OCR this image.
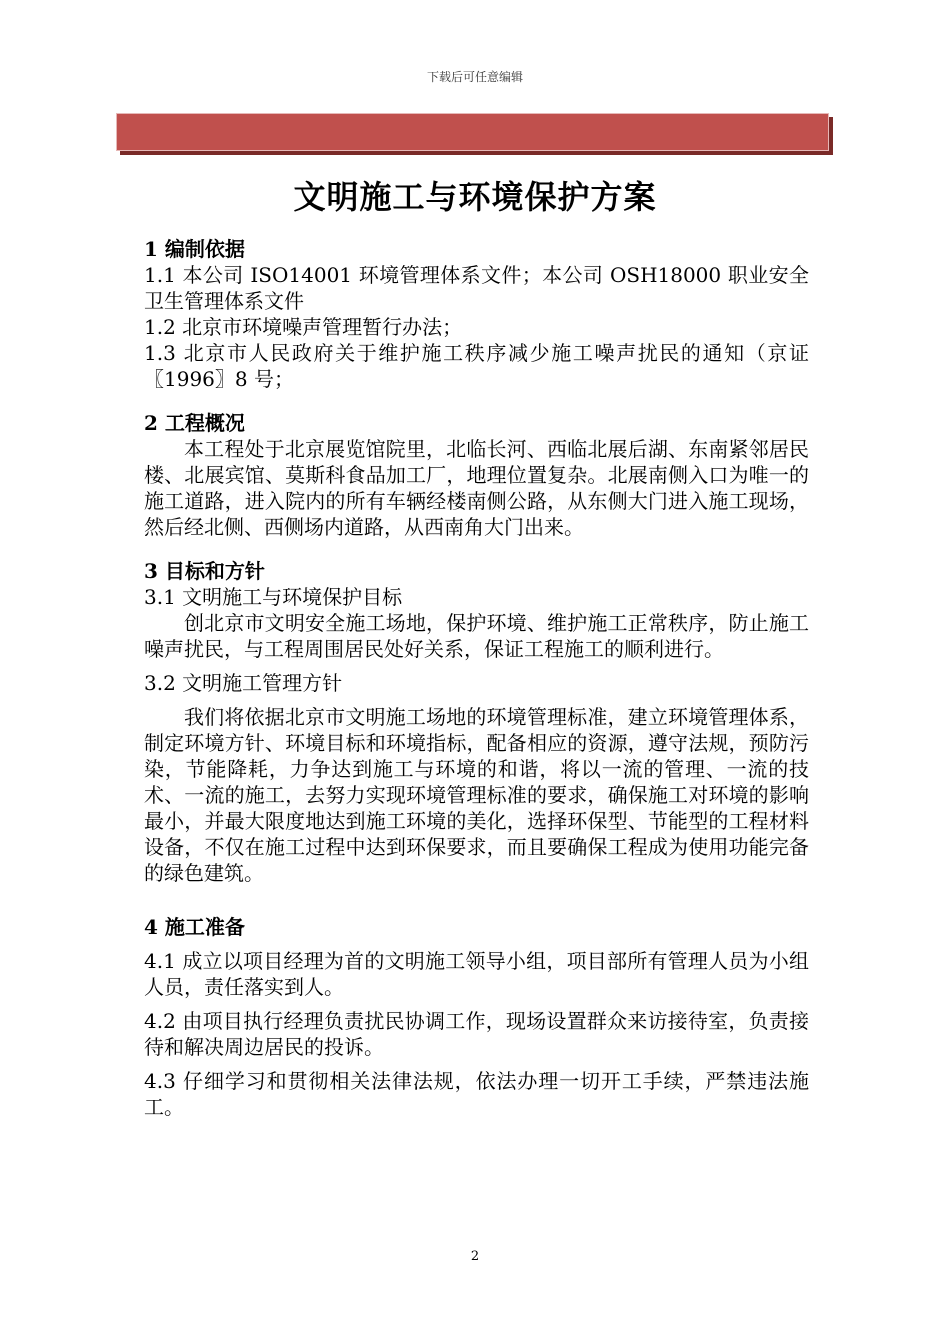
下载后可任意编辑
文明施工与环境保护方案
1 编制依据

1.1 本公司 ISO14001 环境管理体系文件；本公司 OSH18000 职业安全卫生管理体系文件

1.2 北京市环境噪声管理暂行办法；

1.3 北京市人民政府关于维护施工秩序减少施工噪声扰民的通知（京证〖1996〗8 号；

2 工程概况

本工程处于北京展览馆院里，北临长河、西临北展后湖、东南紧邻居民楼、北展宾馆、莫斯科食品加工厂，地理位置复杂。北展南侧入口为唯一的施工道路，进入院内的所有车辆经楼南侧公路，从东侧大门进入施工现场，然后经北侧、西侧场内道路，从西南角大门出来。

3 目标和方针

3.1 文明施工与环境保护目标

创北京市文明安全施工场地，保护环境、维护施工正常秩序，防止施工噪声扰民，与工程周围居民处好关系，保证工程施工的顺利进行。

3.2 文明施工管理方针

我们将依据北京市文明施工场地的环境管理标准，建立环境管理体系，制定环境方针、环境目标和环境指标，配备相应的资源，遵守法规，预防污染，节能降耗，力争达到施工与环境的和谐，将以一流的管理、一流的技术、一流的施工，去努力实现环境管理标准的要求，确保施工对环境的影响最小，并最大限度地达到施工环境的美化，选择环保型、节能型的工程材料设备，不仅在施工过程中达到环保要求，而且要确保工程成为使用功能完备的绿色建筑。

4 施工准备

4.1 成立以项目经理为首的文明施工领导小组，项目部所有管理人员为小组人员，责任落实到人。

4.2 由项目执行经理负责扰民协调工作，现场设置群众来访接待室，负责接待和解决周边居民的投诉。

4.3 仔细学习和贯彻相关法律法规，依法办理一切开工手续，严禁违法施工。

2
